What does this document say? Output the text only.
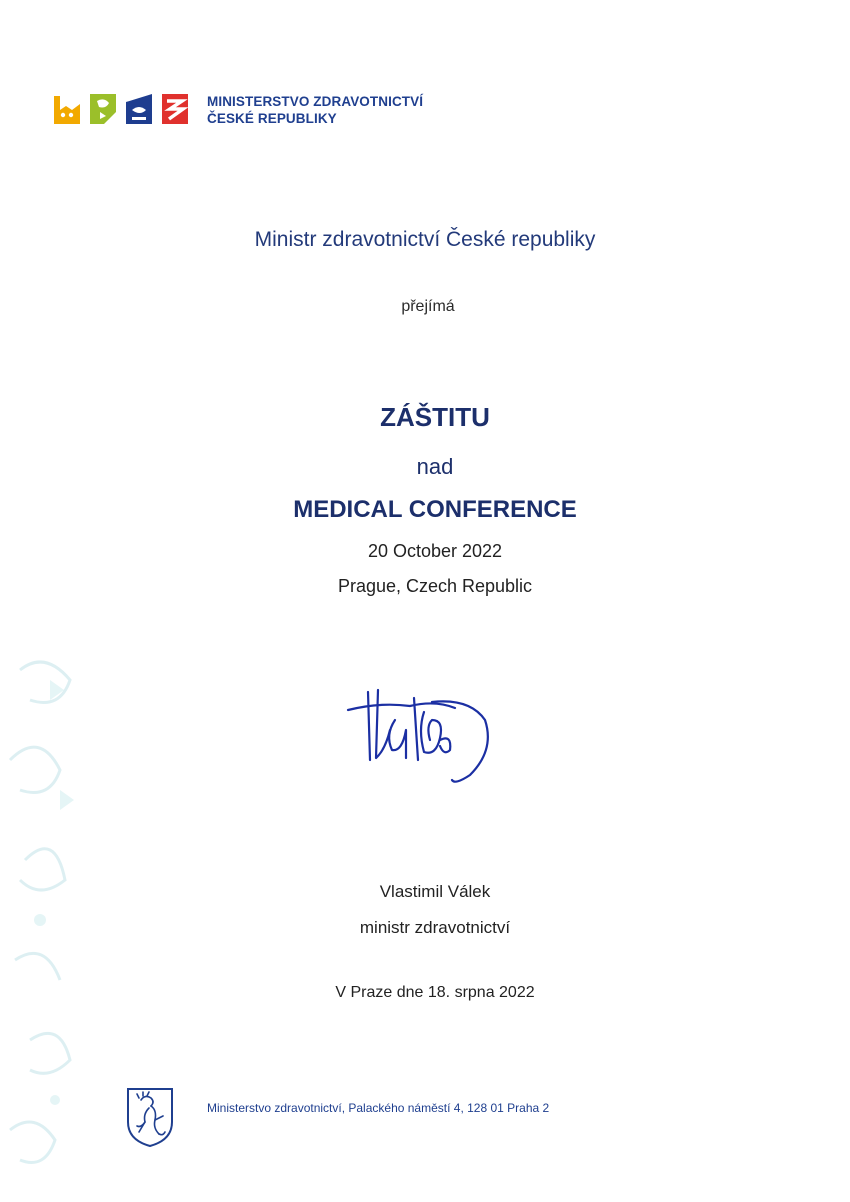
MINISTERSTVO ZDRAVOTNICTVÍ
ČESKÉ REPUBLIKY
Ministr zdravotnictví České republiky
přejímá
ZÁŠTITU
nad
MEDICAL CONFERENCE
20 October 2022
Prague, Czech Republic
Vlastimil Válek
ministr zdravotnictví
V Praze dne 18. srpna 2022
Ministerstvo zdravotnictví, Palackého náměstí 4, 128 01 Praha 2
